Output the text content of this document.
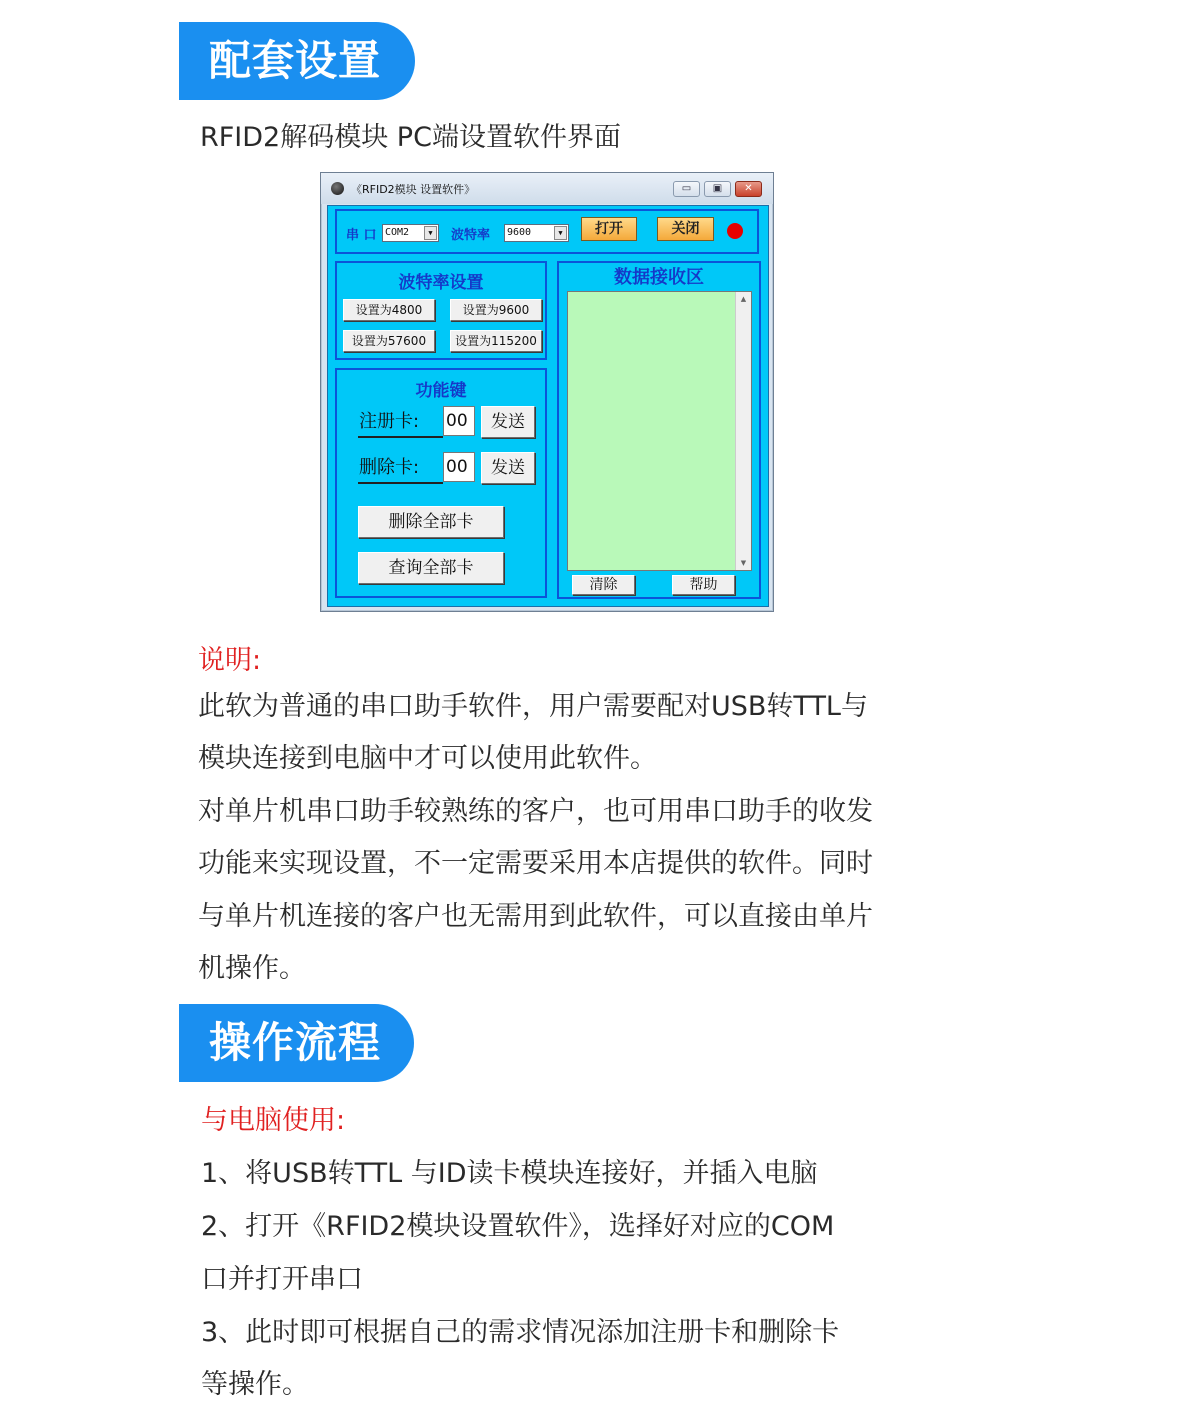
配套设置
RFID2解码模块 PC端设置软件界面
《RFID2模块 设置软件》	▭	▣	✕
串 口 COM2	▼	波特率	9600	▼	打开	关闭
波特率设置
设置为4800	设置为9600
设置为57600	设置为115200
功能键
注册卡: 00	发送
删除卡: 00	发送
删除全部卡
查询全部卡
数据接收区
▲
▼
清除	帮助
说明:
此软为普通的串口助手软件，用户需要配对USB转TTL与
模块连接到电脑中才可以使用此软件。
对单片机串口助手较熟练的客户，也可用串口助手的收发
功能来实现设置，不一定需要采用本店提供的软件。同时
与单片机连接的客户也无需用到此软件，可以直接由单片
机操作。
操作流程
与电脑使用:
1、将USB转TTL 与ID读卡模块连接好，并插入电脑
2、打开《RFID2模块设置软件》，选择好对应的COM
口并打开串口
3、此时即可根据自己的需求情况添加注册卡和删除卡
等操作。
